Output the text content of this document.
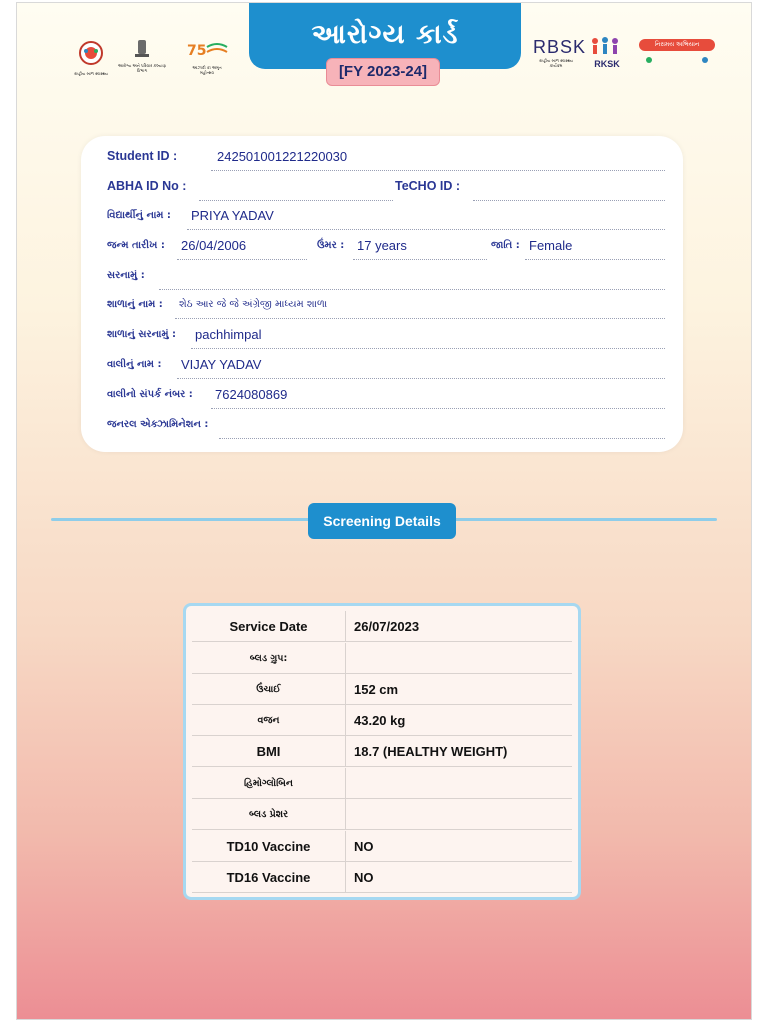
રાષ્ટ્રીય બાળ સ્વાસ્થ્ય
આરોગ્ય અને પરિવાર કલ્યાણ વિભાગ
75
આઝાદી કા અમૃત મહોત્સવ
આરોગ્ય કાર્ડ
[FY 2023-24]
RBSK
રાષ્ટ્રીય બાળ સ્વાસ્થ્ય કાર્યક્રમ	RKSK
નિરામય અભિયાન
Student ID :	242501001221220030
ABHA ID No :	TeCHO ID :
વિદ્યાર્થીનું નામ : PRIYA YADAV
જન્મ તારીખ : 26/04/2006	ઉંમર : 17 years	જાતિ : Female
સરનામું :
શાળાનું નામ : શેઠ આર જે જે અંગ્રેજી માધ્યમ શાળા
શાળાનું સરનામું : pachhimpal
વાલીનું નામ : VIJAY YADAV
વાલીનો સંપર્ક નંબર : 7624080869
જનરલ એક્ઝામિનેશન :
Screening Details
Service Date	26/07/2023
બ્લડ ગ્રુપ:
ઉંચાઈ	152 cm
વજન	43.20 kg
BMI	18.7 (HEALTHY WEIGHT)
હિમોગ્લોબિન
બ્લડ પ્રેશર
TD10 Vaccine	NO
TD16 Vaccine	NO
